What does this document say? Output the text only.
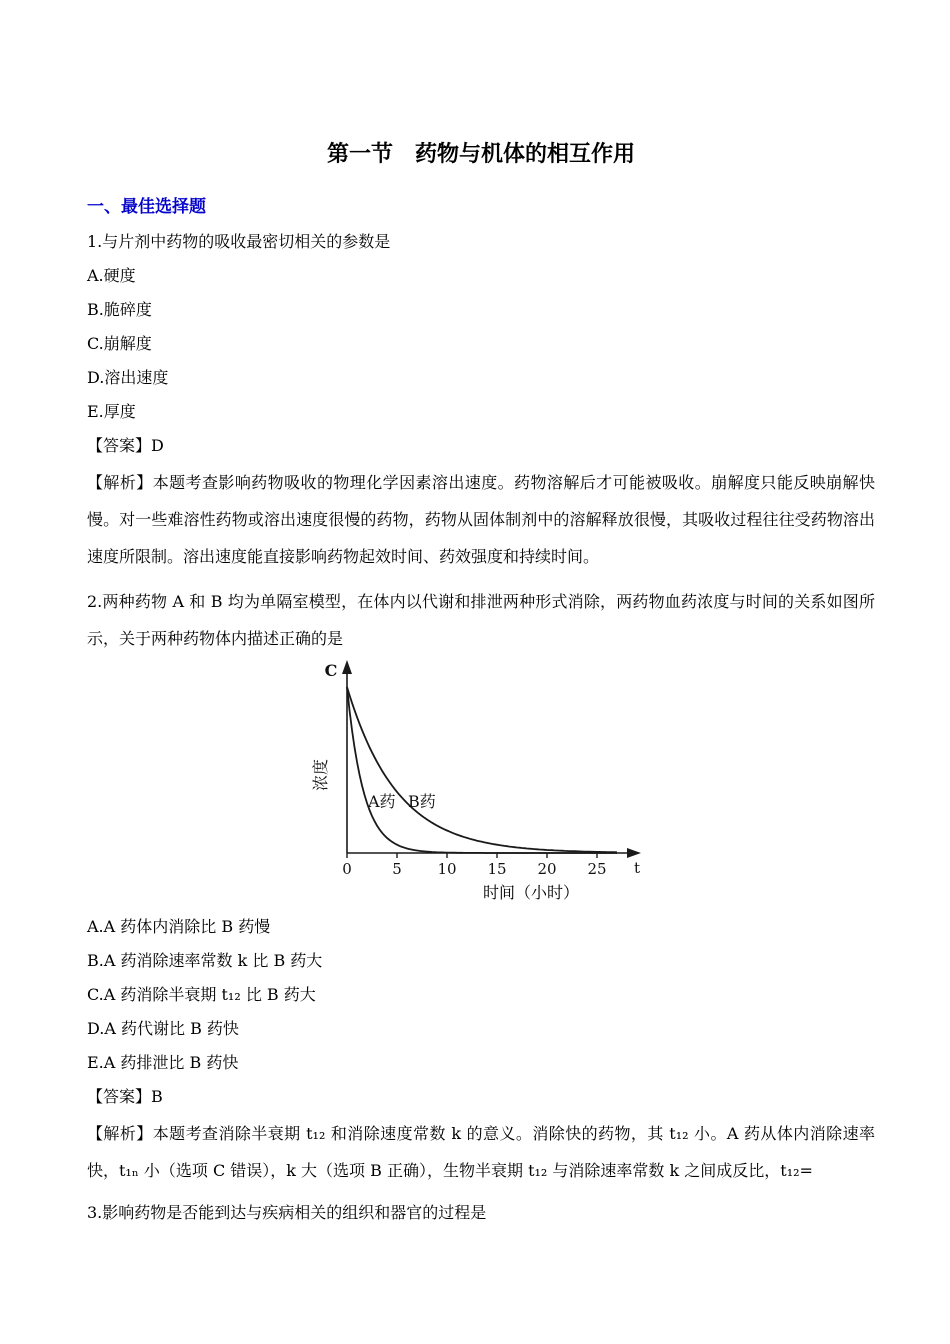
第一节　药物与机体的相互作用
一、最佳选择题

1.与片剂中药物的吸收最密切相关的参数是

A.硬度

B.脆碎度

C.崩解度

D.溶出速度

E.厚度

【答案】D

【解析】本题考查影响药物吸收的物理化学因素溶出速度。药物溶解后才可能被吸收。崩解度只能反映崩解快慢。对一些难溶性药物或溶出速度很慢的药物，药物从固体制剂中的溶解释放很慢，其吸收过程往往受药物溶出速度所限制。溶出速度能直接影响药物起效时间、药效强度和持续时间。

2.两种药物 A 和 B 均为单隔室模型，在体内以代谢和排泄两种形式消除，两药物血药浓度与时间的关系如图所示，关于两种药物体内描述正确的是

0	5 10 15 20 25 t
C
浓度
A药 B药

时间（小时）

A.A 药体内消除比 B 药慢

B.A 药消除速率常数 k 比 B 药大

C.A 药消除半衰期 t₁₂ 比 B 药大

D.A 药代谢比 B 药快

E.A 药排泄比 B 药快

【答案】B

【解析】本题考查消除半衰期 t₁₂ 和消除速度常数 k 的意义。消除快的药物，其 t₁₂ 小。A 药从体内消除速率快，t₁ₙ 小（选项 C 错误），k 大（选项 B 正确），生物半衰期 t₁₂ 与消除速率常数 k 之间成反比，t₁₂=

3.影响药物是否能到达与疾病相关的组织和器官的过程是
